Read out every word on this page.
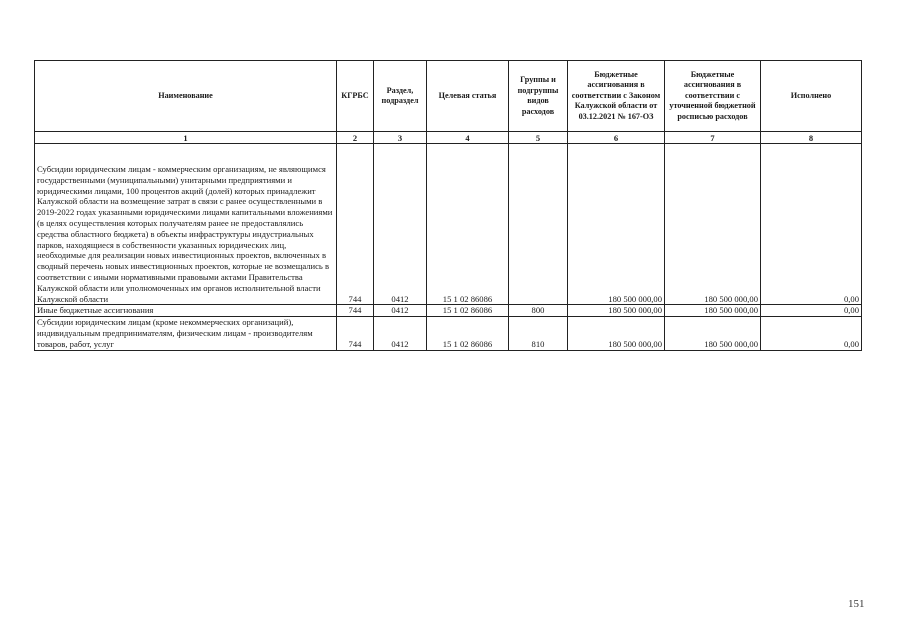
Наименование	КГРБС	Раздел, подраздел	Целевая статья	Группы и подгруппы видов расходов	Бюджетные ассигнования в соответствии с Законом Калужской области от 03.12.2021 № 167-ОЗ	Бюджетные ассигнования в соответствии с уточненной бюджетной росписью расходов	Исполнено
1	2	3	4	5	6	7	8
Субсидии юридическим лицам - коммерческим организациям, не являющимся государственными (муниципальными) унитарными предприятиями и юридическими лицами, 100 процентов акций (долей) которых принадлежит Калужской области на возмещение затрат в связи с ранее осуществленными в 2019-2022 годах указанными юридическими лицами капитальными вложениями (в целях осуществления которых получателям ранее не предоставлялись средства областного бюджета) в объекты инфраструктуры индустриальных парков, находящиеся в собственности указанных юридических лиц, необходимые для реализации новых инвестиционных проектов, включенных в сводный перечень новых инвестиционных проектов, которые не возмещались в соответствии с иными нормативными правовыми актами Правительства Калужской области или уполномоченных им органов исполнительной власти Калужской области	744	0412	15 1 02 86086		180 500 000,00	180 500 000,00	0,00
Иные бюджетные ассигнования	744	0412	15 1 02 86086	800	180 500 000,00	180 500 000,00	0,00
Субсидии юридическим лицам (кроме некоммерческих организаций), индивидуальным предпринимателям, физическим лицам - производителям товаров, работ, услуг	744	0412	15 1 02 86086	810	180 500 000,00	180 500 000,00	0,00
151
